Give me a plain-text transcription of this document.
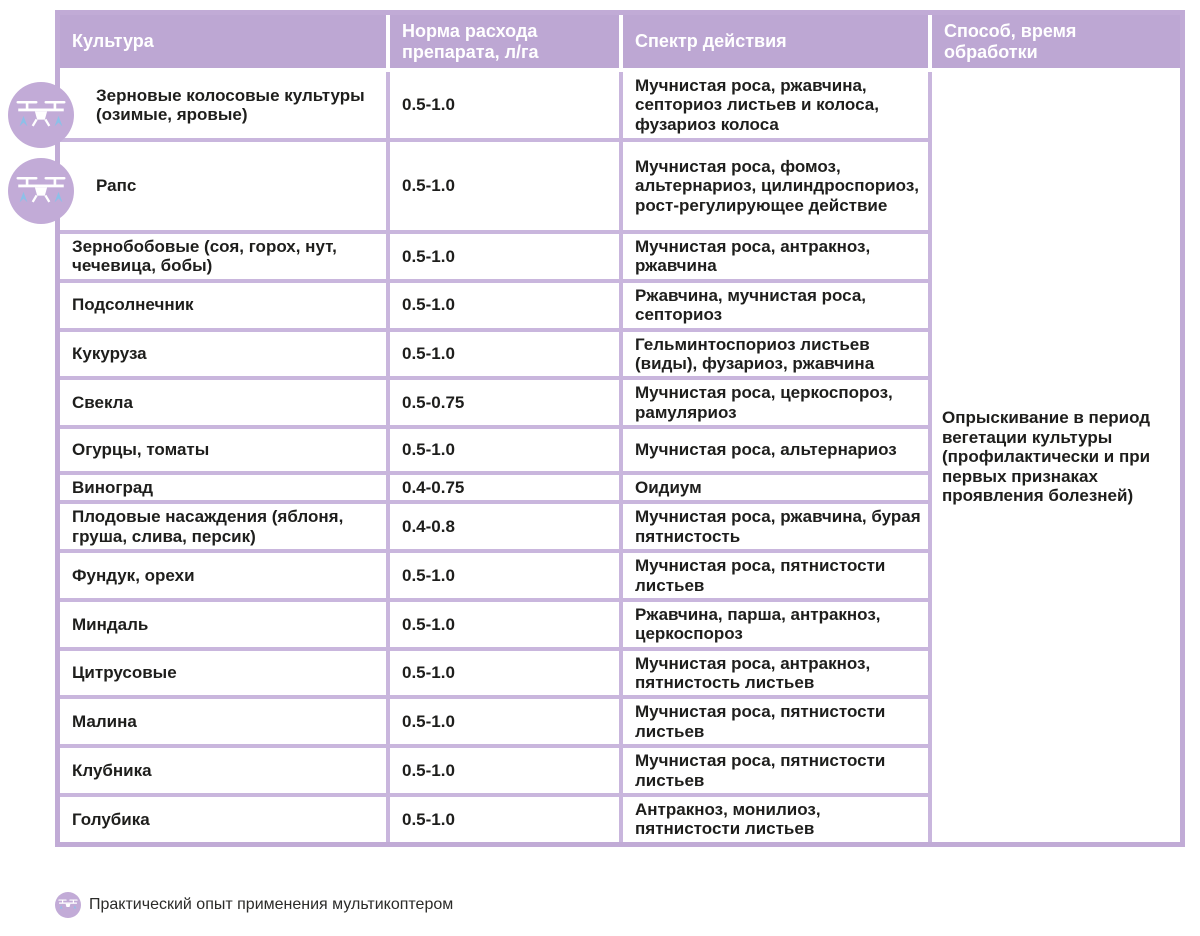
Культура	Норма расхода препарата, л/га	Спектр действия	Способ, время обработки
Зерновые колосовые культуры (озимые, яровые)	0.5-1.0	Мучнистая роса, ржавчина, септориоз листьев и колоса, фузариоз колоса	Опрыскивание в период вегетации культуры (профилактически и при первых признаках проявления болезней)
Рапс	0.5-1.0	Мучнистая роса, фомоз, альтернариоз, цилиндроспориоз, рост-регулирующее действие	
Зернобобовые (соя, горох, нут, чечевица, бобы)	0.5-1.0	Мучнистая роса, антракноз, ржавчина	
Подсолнечник	0.5-1.0	Ржавчина, мучнистая роса, септориоз	
Кукуруза	0.5-1.0	Гельминтоспориоз листьев (виды), фузариоз, ржавчина	
Свекла	0.5-0.75	Мучнистая роса, церкоспороз, рамуляриоз	
Огурцы, томаты	0.5-1.0	Мучнистая роса, альтернариоз	
Виноград	0.4-0.75	Оидиум	
Плодовые насаждения (яблоня, груша, слива, персик)	0.4-0.8	Мучнистая роса, ржавчина, бурая пятнистость	
Фундук, орехи	0.5-1.0	Мучнистая роса, пятнистости листьев	
Миндаль	0.5-1.0	Ржавчина, парша, антракноз, церкоспороз	
Цитрусовые	0.5-1.0	Мучнистая роса, антракноз, пятнистость листьев	
Малина	0.5-1.0	Мучнистая роса, пятнистости листьев	
Клубника	0.5-1.0	Мучнистая роса, пятнистости листьев	
Голубика	0.5-1.0	Антракноз, монилиоз, пятнистости листьев	
Практический опыт применения мультикоптером
